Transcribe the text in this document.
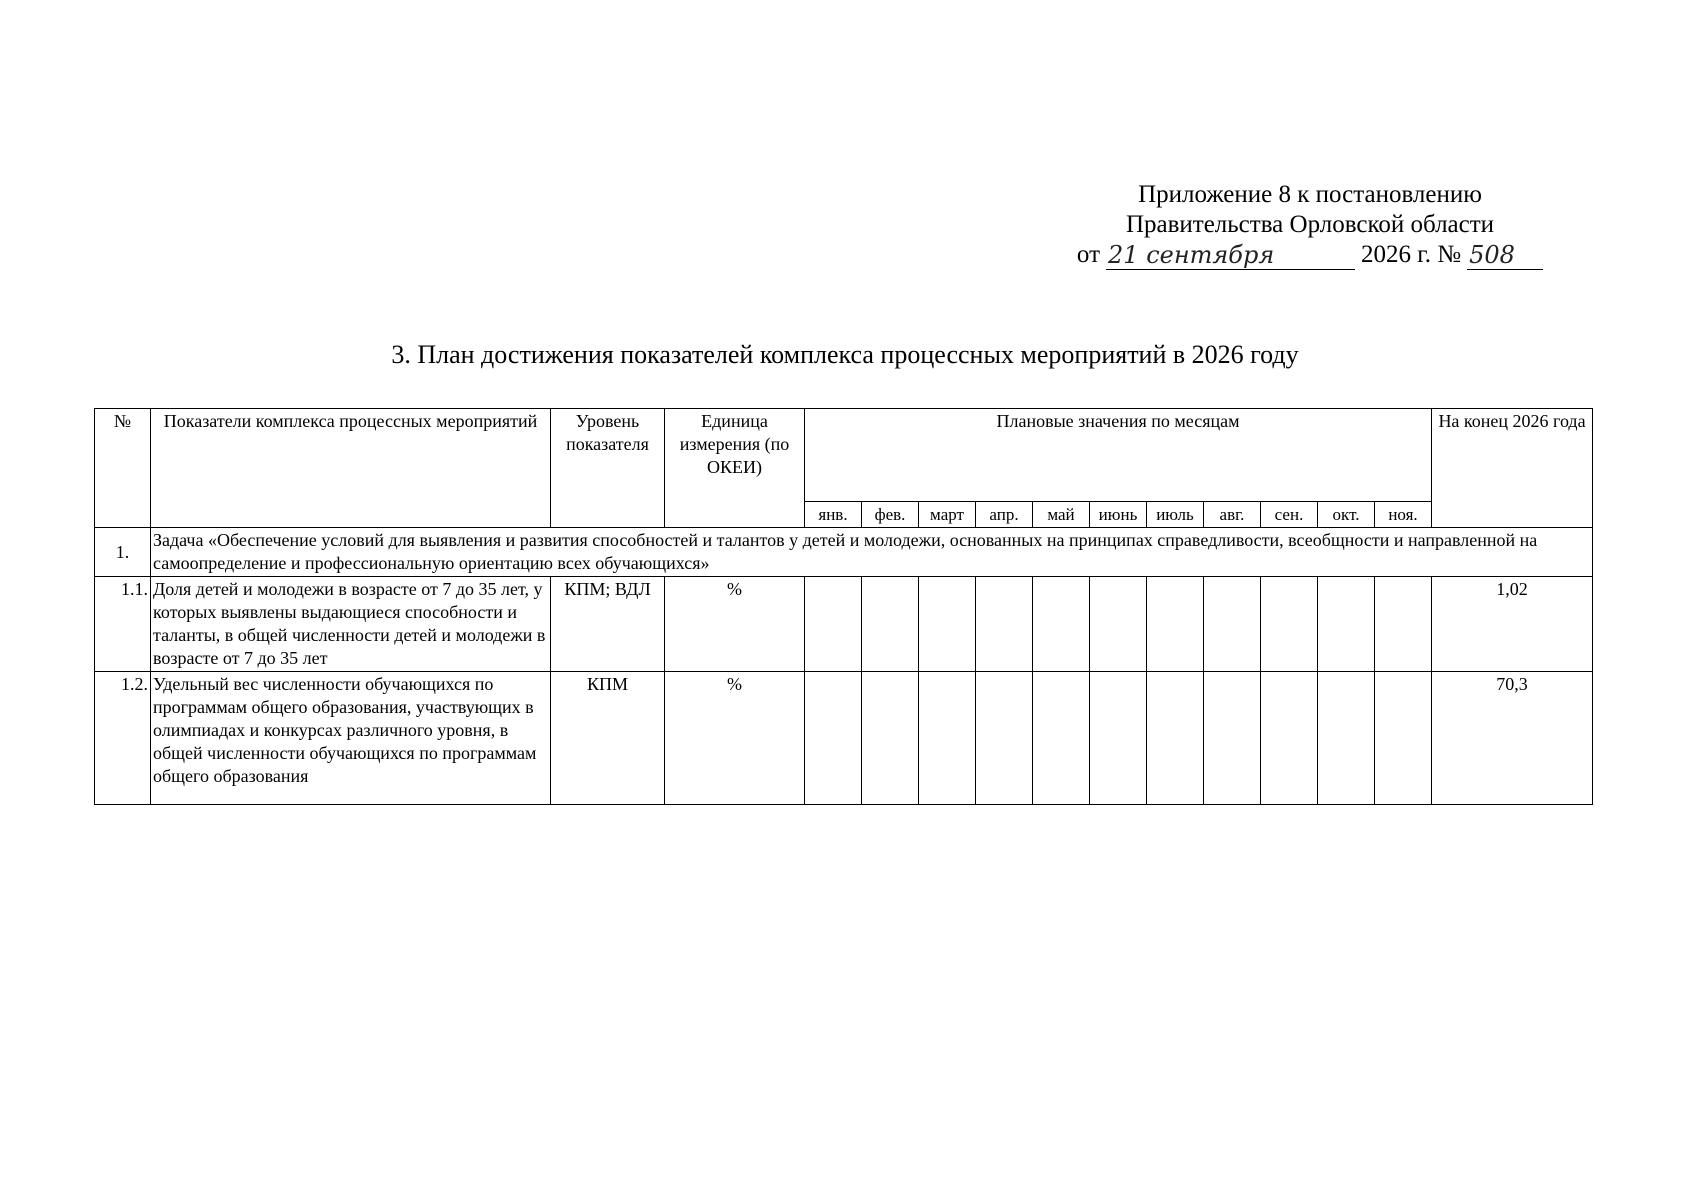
Приложение 8 к постановлению
Правительства Орловской области
от 21 сентября	2026 г. № 508
3. План достижения показателей комплекса процессных мероприятий в 2026 году
№	Показатели комплекса процессных мероприятий	Уровень показателя	Единица измерения (по ОКЕИ)	Плановые значения по месяцам											На конец 2026 года
				янв.	фев.	март	апр.	май	июнь	июль	авг.	сен.	окт.	ноя.	
1.	Задача «Обеспечение условий для выявления и развития способностей и талантов у детей и молодежи, основанных на принципах справедливости, всеобщности и направленной на самоопределение и профессиональную ориентацию всех обучающихся»														
1.1.	Доля детей и молодежи в возрасте от 7 до 35 лет, у которых выявлены выдающиеся способности и таланты, в общей численности детей и молодежи в возрасте от 7 до 35 лет	КПМ; ВДЛ	%												1,02
1.2.	Удельный вес численности обучающихся по программам общего образования, участвующих в олимпиадах и конкурсах различного уровня, в общей численности обучающихся по программам общего образования	КПМ	%												70,3
